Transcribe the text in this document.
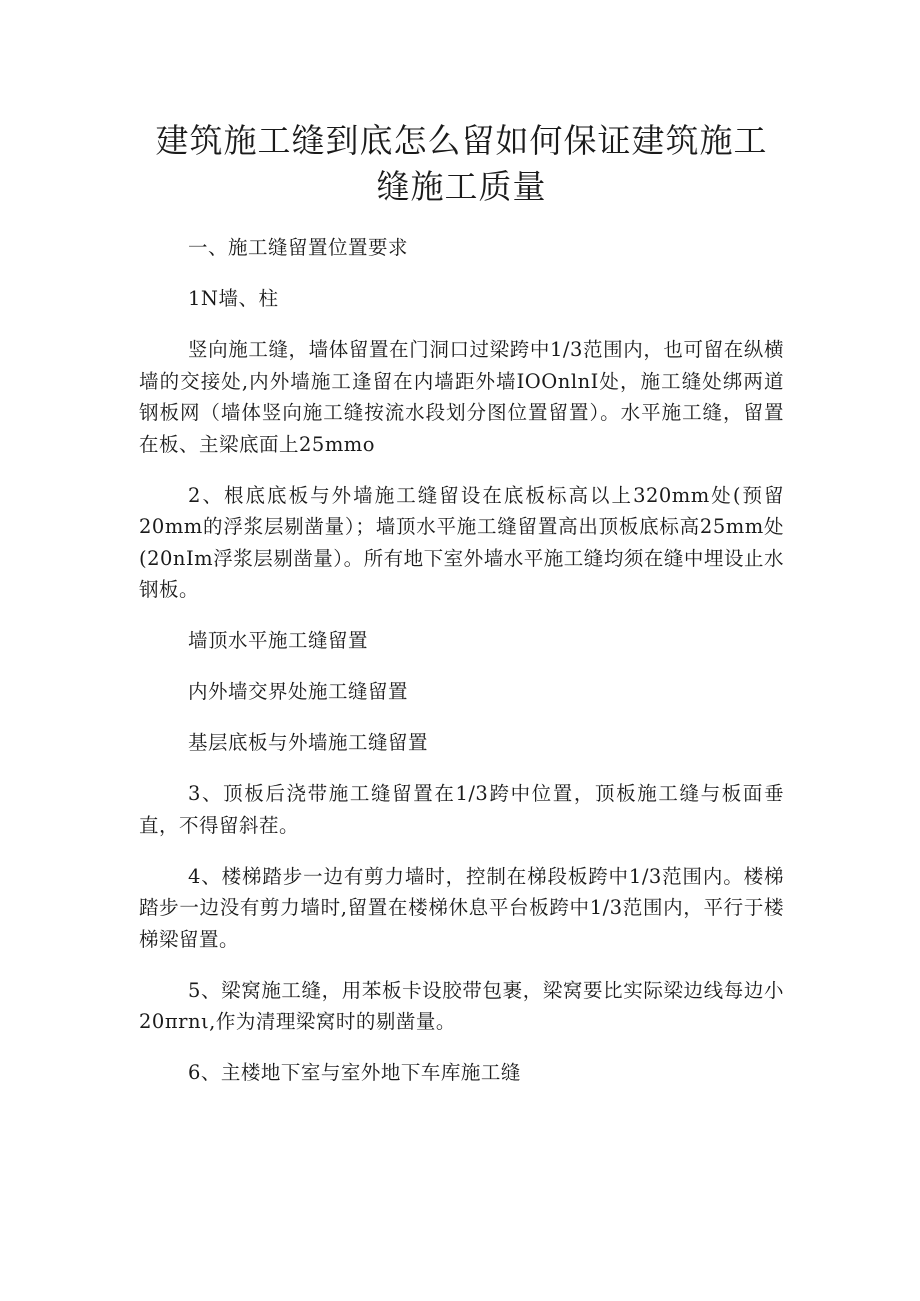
建筑施工缝到底怎么留如何保证建筑施工
缝施工质量

一、施工缝留置位置要求

1N墙、柱

竖向施工缝，墙体留置在门洞口过梁跨中1/3范围内，也可留在纵横墙的交接处,内外墙施工逢留在内墙距外墙IOOnlnI处，施工缝处绑两道钢板网（墙体竖向施工缝按流水段划分图位置留置）。水平施工缝，留置在板、主梁底面上25mmo

2、根底底板与外墙施工缝留设在底板标高以上320mm处(预留20mm的浮浆层剔凿量）；墙顶水平施工缝留置高出顶板底标高25mm处(20nIm浮浆层剔凿量）。所有地下室外墙水平施工缝均须在缝中埋设止水钢板。

墙顶水平施工缝留置

内外墙交界处施工缝留置

基层底板与外墙施工缝留置

3、顶板后浇带施工缝留置在1/3跨中位置，顶板施工缝与板面垂直，不得留斜茬。

4、楼梯踏步一边有剪力墙时，控制在梯段板跨中1/3范围内。楼梯踏步一边没有剪力墙时,留置在楼梯休息平台板跨中1/3范围内，平行于楼梯梁留置。

5、梁窝施工缝，用苯板卡设胶带包裹，梁窝要比实际梁边线每边小20πrnι,作为清理梁窝时的剔凿量。

6、主楼地下室与室外地下车库施工缝
